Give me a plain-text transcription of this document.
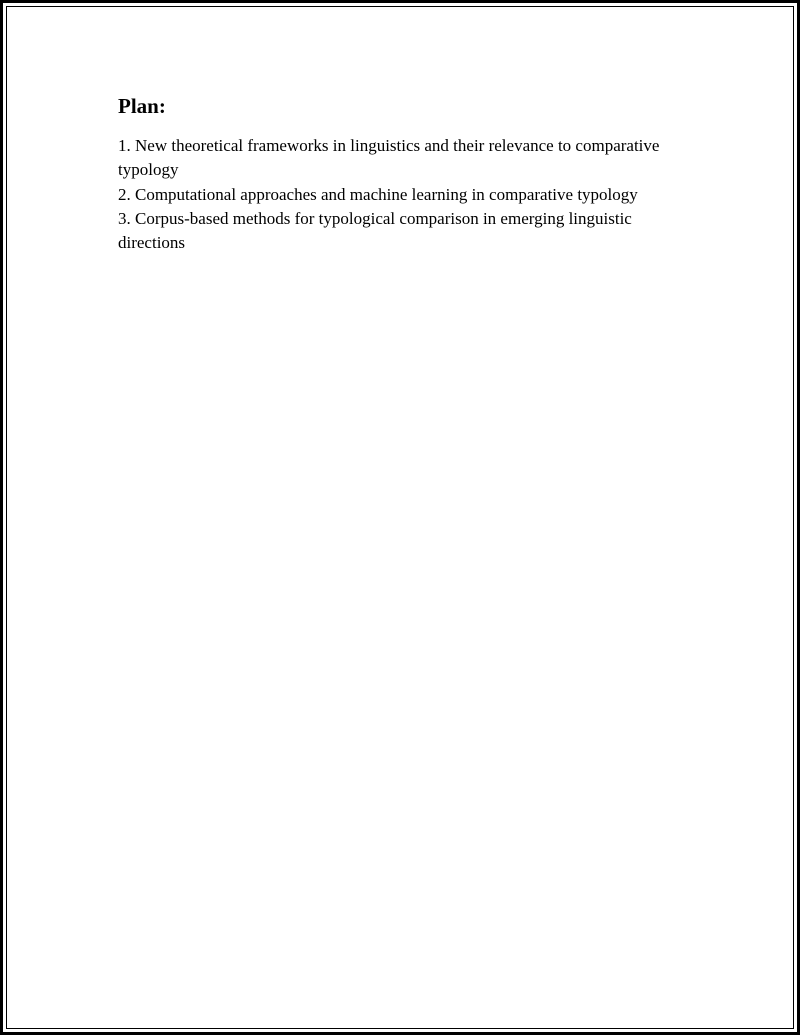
Plan:
1. New theoretical frameworks in linguistics and their relevance to comparative typology
2. Computational approaches and machine learning in comparative typology
3. Corpus-based methods for typological comparison in emerging linguistic directions
